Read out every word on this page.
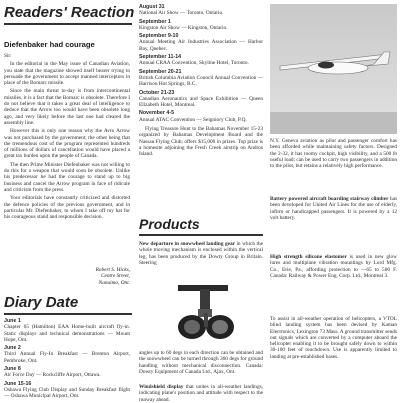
Readers' Reaction
Diefenbaker had courage

Sir:

In the editorial in the May issue of Canadian Aviation, you state that the magazine showed itself bearer trying to persuade the government to accept manned interceptors in place of the Bomarc missile.

Since the main threat to-day is from intercontinental missiles, it is a fact that the Bomarc is obsolete. Therefore I do not believe that it takes a great deal of intelligence to deduce that the Arrow too would have been obsolete long ago, and very likely before the last one had cleared the assembly line.

However this is only one reason why the Avro Arrow was not purchased by the government; the other being that the tremendous cost of the program represented hundreds of millions of dollars of cancellation would have placed a great tax burden upon the people of Canada.

The then Prime Minister Diefenbaker was not willing to do this for a weapon that would soon be obsolete. Unlike his predecessor he had the courage to stand up to big business and cancel the Arrow program in face of ridicule and criticism from the press.

Your editorials have constantly criticized and distorted the defence policies of the previous government, and in particular Mr. Diefenbaker, to whom I take off my hat for his courageous stand and responsible decision.

Robert S. Hicks,
Centre Street,
Nanaimo, Ont.
Diary Date
June 1

Chapter 65 (Hamilton) EAA Home-built aircraft fly-in. Static displays and technical demonstrations — Mount Hope, Ont.

June 2

Third Annual Fly-In Breakfast — Brenton Airport, Pembroke, Ont.

June 8

Air Force Day — Rockcliffe Airport, Ottawa.

June 15-16

Oshawa Flying Club Display and Sunday Breakfast flight — Oshawa Municipal Airport, Ont.

August 31

National Air Show — Toronto, Ontario.

September 1

Kingston Air Show — Kingston, Ontario.

September 9-10

Annual Meeting Air Industries Association — Harbor Bay, Quebec.

September 11-14

Annual CRAA Convention, Skyline Hotel, Toronto.

September 20-21

British Columbia Aviation Council Annual Convention — Harrison Hot Springs, B.C.

October 21-23

Canadian Aeronautics and Space Exhibition — Queen Elizabeth Hotel, Montreal.

November 4-5

Annual ATAC Convention — Seigniory Club, P.Q.

Flying Treasure Hunt to the Bahamas November 15-23 organized by Bahamas Development Board and the Nassau Flying Club; offers $15,000 in prizes. Top prize is a homesite adjoining the Fresh Creek airstrip on Andros Island.

Products
New departure in snowwheel landing gear in which the whole moving mechanism is enclosed within the vertical leg, has been produced by the Dowty Group in Britain. Steering
angles up to 60 degs in each direction can be obtained and the snowwheel can be turned through 360 degs for ground handling without mechanical disconnection. Canada: Dowty Equipment of Canada Ltd., Ajax, Ont.
Windshield display that unites in all-weather landings, indicating plane's position and attitude with respect to the runway ahead.
N.Y. Geneva aviation as pilot and passenger comfort has been afforded while maintaining safety factors. Designed the 2-32, it has roomy cockpit, high visibility, and a 500 lb useful load; can be used to carry two passengers in addition to the pilot, but retains a relatively high performance.
Battery powered aircraft boarding stairway climber has been developed for United Air Lines for the use of elderly, infirm or handicapped passengers. It is powered by a 12 volt battery.
High strength silicone elastomer is used in new glow lures and multiplane vibration mountings by Lord Mfg. Co., Erie, Pa., affording protection to —65 to 500 F. Canada: Railway & Power Eng. Corp. Ltd., Montreal 3.
To assist in all-weather operation of helicopters, a VTOL blind landing system has been devised by Kaman Electronics, Lexington 73 Mass. A ground transmitter sends out signals which are converted by a computer aboard the helicopter enabling it to be brought safely down to within 30-100 feet of touchdown. Use is apparently limited to landing at pre-established bases.
